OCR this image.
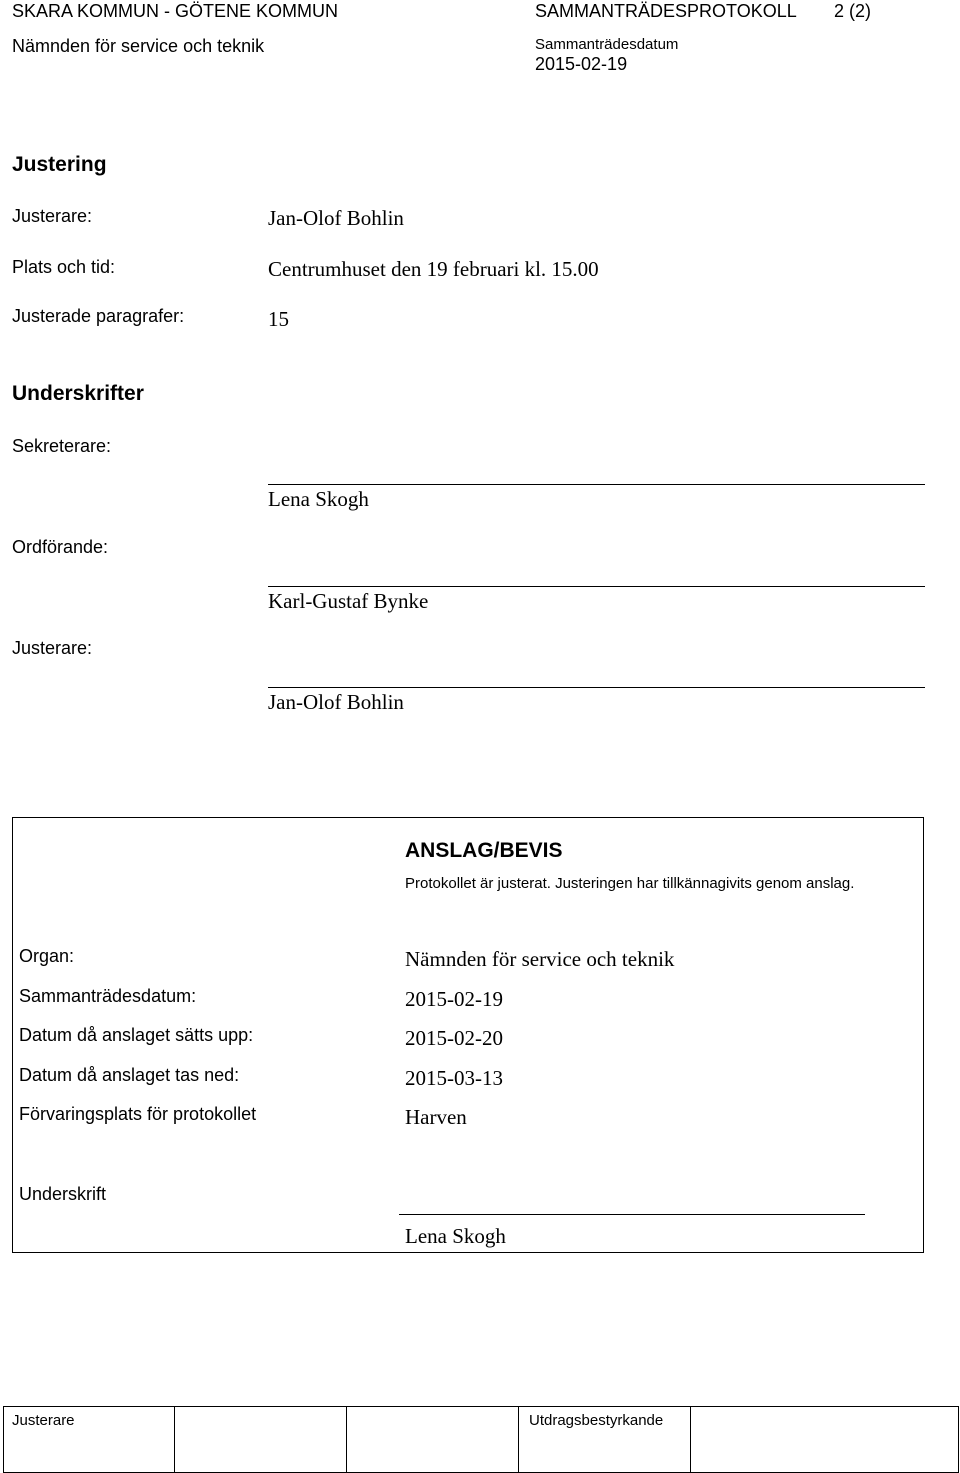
SKARA KOMMUN - GÖTENE KOMMUN	SAMMANTRÄDESPROTOKOLL 2 (2)
Nämnden för service och teknik	Sammanträdesdatum
2015-02-19
Justering
Justerare:	Jan-Olof Bohlin
Plats och tid:	Centrumhuset den 19 februari kl. 15.00
Justerade paragrafer:	15
Underskrifter
Sekreterare:
Lena Skogh
Ordförande:
Karl-Gustaf Bynke
Justerare:
Jan-Olof Bohlin
ANSLAG/BEVIS
Protokollet är justerat. Justeringen har tillkännagivits genom anslag.
Organ:	Nämnden för service och teknik
Sammanträdesdatum:	2015-02-19
Datum då anslaget sätts upp:	2015-02-20
Datum då anslaget tas ned:	2015-03-13
Förvaringsplats för protokollet	Harven
Underskrift
Lena Skogh
Justerare			Utdragsbestyrkande	
